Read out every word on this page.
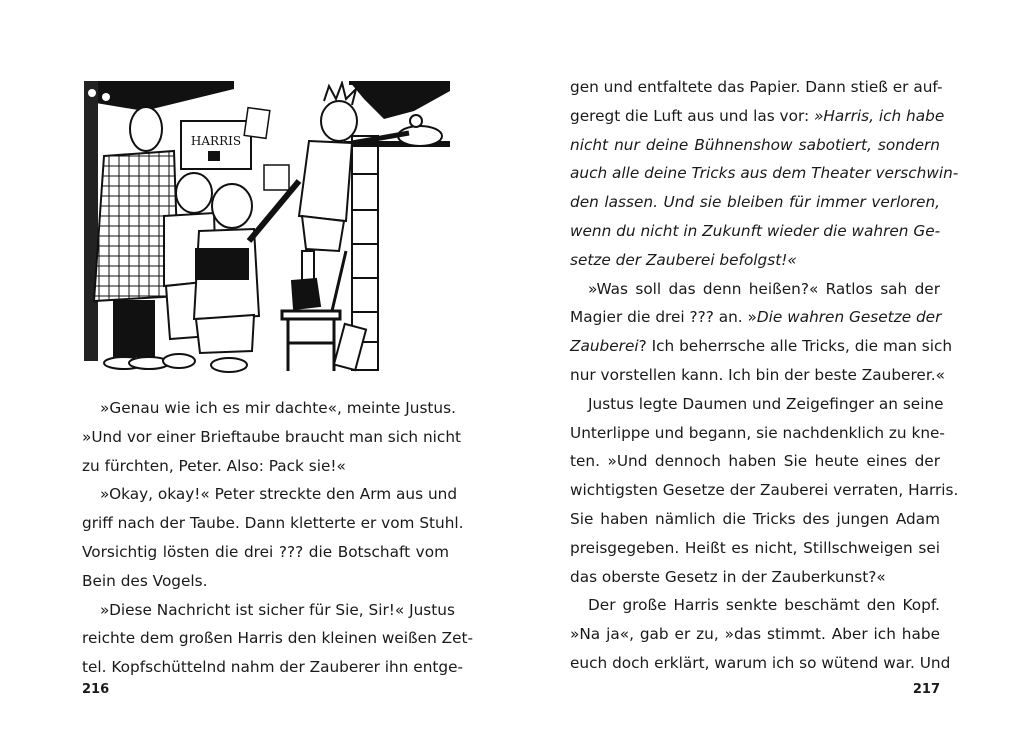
HARRIS
»Genau wie ich es mir dachte«, meinte Justus.
»Und vor einer Brieftaube braucht man sich nicht
zu fürchten, Peter. Also: Pack sie!«
»Okay, okay!« Peter streckte den Arm aus und
griff nach der Taube. Dann kletterte er vom Stuhl.
Vorsichtig lösten die drei ??? die Botschaft vom
Bein des Vogels.
»Diese Nachricht ist sicher für Sie, Sir!« Justus
reichte dem großen Harris den kleinen weißen Zet-
tel. Kopfschüttelnd nahm der Zauberer ihn entge-
216
gen und entfaltete das Papier. Dann stieß er auf-
geregt die Luft aus und las vor: »Harris, ich habe
nicht nur deine Bühnenshow sabotiert, sondern
auch alle deine Tricks aus dem Theater verschwin-
den lassen. Und sie bleiben für immer verloren,
wenn du nicht in Zukunft wieder die wahren Ge-
setze der Zauberei befolgst!«
»Was soll das denn heißen?« Ratlos sah der
Magier die drei ??? an. »Die wahren Gesetze der
Zauberei? Ich beherrsche alle Tricks, die man sich
nur vorstellen kann. Ich bin der beste Zauberer.«
Justus legte Daumen und Zeigefinger an seine
Unterlippe und begann, sie nachdenklich zu kne-
ten. »Und dennoch haben Sie heute eines der
wichtigsten Gesetze der Zauberei verraten, Harris.
Sie haben nämlich die Tricks des jungen Adam
preisgegeben. Heißt es nicht, Stillschweigen sei
das oberste Gesetz in der Zauberkunst?«
Der große Harris senkte beschämt den Kopf.
»Na ja«, gab er zu, »das stimmt. Aber ich habe
euch doch erklärt, warum ich so wütend war. Und
217
